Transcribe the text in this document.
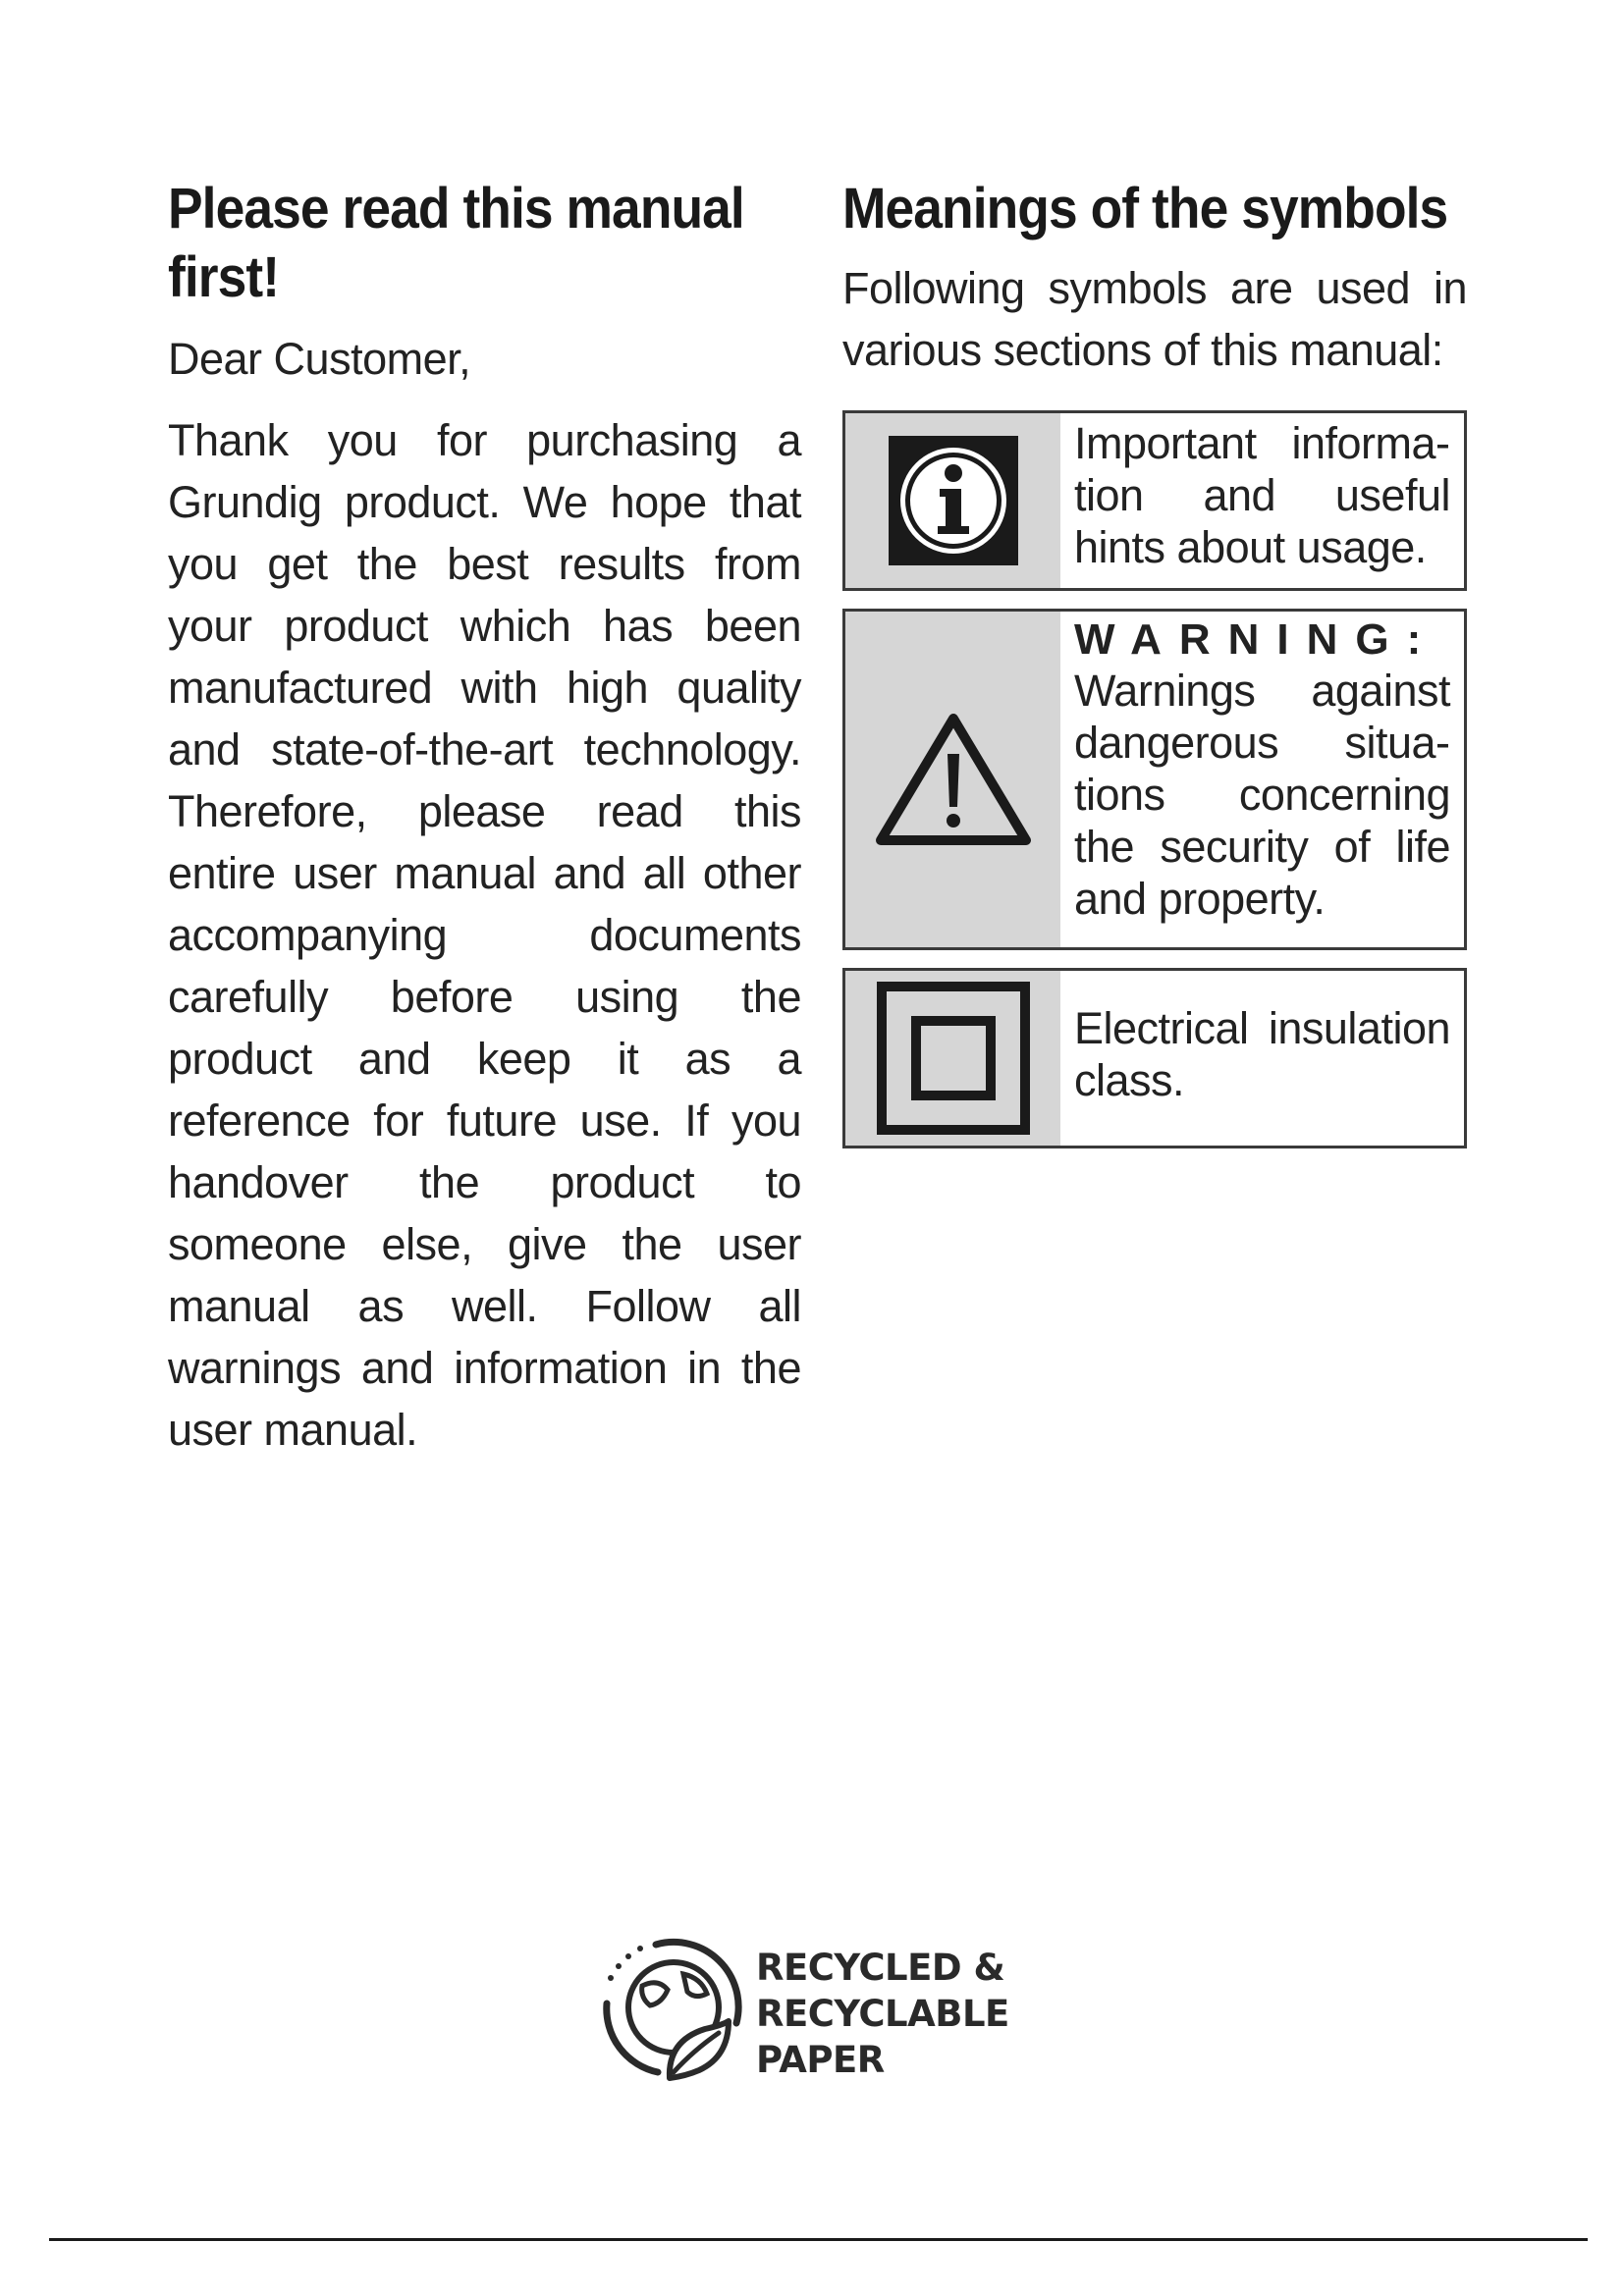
Please read this manual first!

Dear Customer,

Thank you for purchasing a Grundig product. We hope that you get the best results from your product which has been manufactured with high quality and state-of-the-art technology. Therefore, please read this entire user manual and all other accompanying documents carefully before using the product and keep it as a reference for future use. If you handover the product to someone else, give the user manual as well. Follow all warnings and information in the user manual.

Meanings of the symbols

Following symbols are used in various sections of this manual:

Important information and useful hints about usage.
WARNING:
Warnings against dangerous situations concerning the security of life and property.
Electrical insulation class.
RECYCLED &
RECYCLABLE
PAPER
